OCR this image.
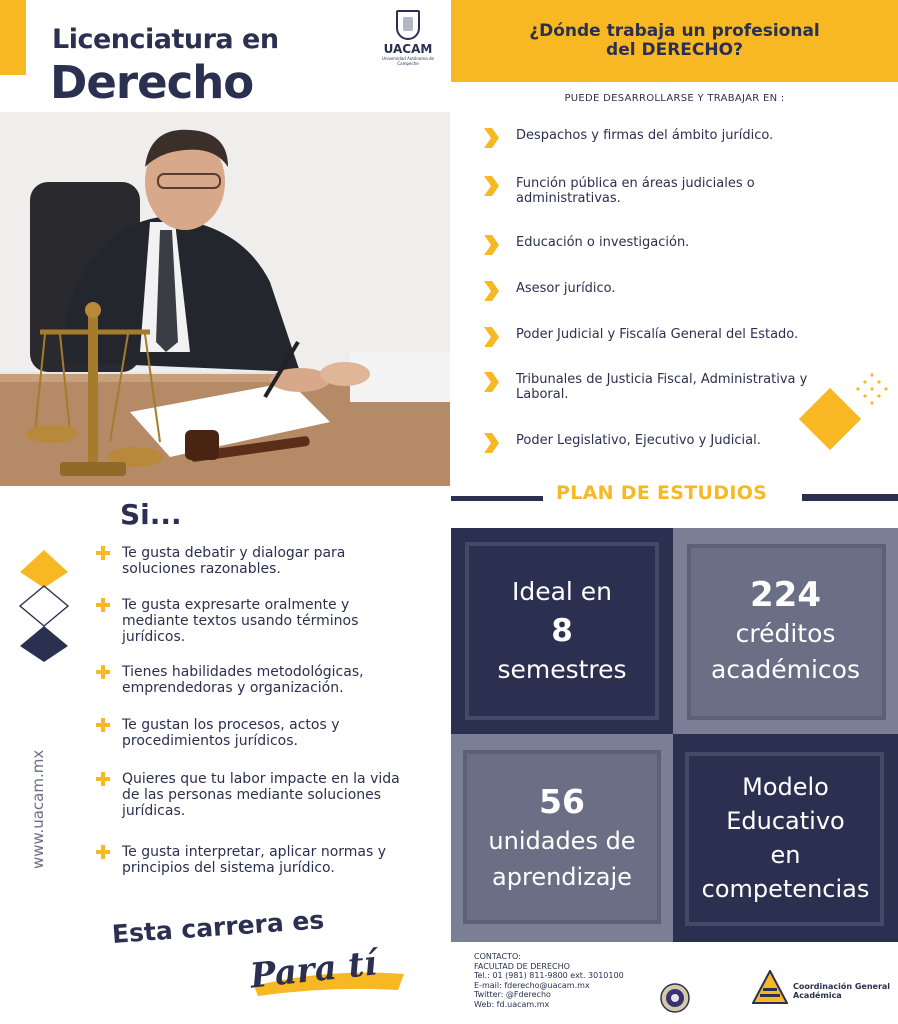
Licenciatura en
Derecho
UACAM
Universidad Autónoma de Campeche
¿Dónde trabaja un profesional
del DERECHO?
PUEDE DESARROLLARSE Y TRABAJAR EN :
Despachos y firmas del ámbito jurídico.
Función pública en áreas judiciales o administrativas.
Educación o investigación.
Asesor jurídico.
Poder Judicial y Fiscalía General del Estado.
Tribunales de Justicia Fiscal, Administrativa y Laboral.
Poder Legislativo, Ejecutivo y Judicial.
PLAN DE ESTUDIOS
Ideal en
8
semestres
224
créditos
académicos
56
unidades de
aprendizaje
Modelo
Educativo
en
competencias
Si...
Te gusta debatir y dialogar para soluciones razonables.
Te gusta expresarte oralmente y mediante textos usando términos jurídicos.
Tienes habilidades metodológicas, emprendedoras y organización.
Te gustan los procesos, actos y procedimientos jurídicos.
Quieres que tu labor impacte en la vida de las personas mediante soluciones jurídicas.
Te gusta interpretar, aplicar normas y principios del sistema jurídico.
www.uacam.mx
Esta carrera es
Para tí	CONTACTO:
FACULTAD DE DERECHO
Tel.: 01 (981) 811-9800 ext. 3010100
E-mail: fderecho@uacam.mx
Twitter: @Fderecho
Web: fd.uacam.mx
Coordinación General
Académica
